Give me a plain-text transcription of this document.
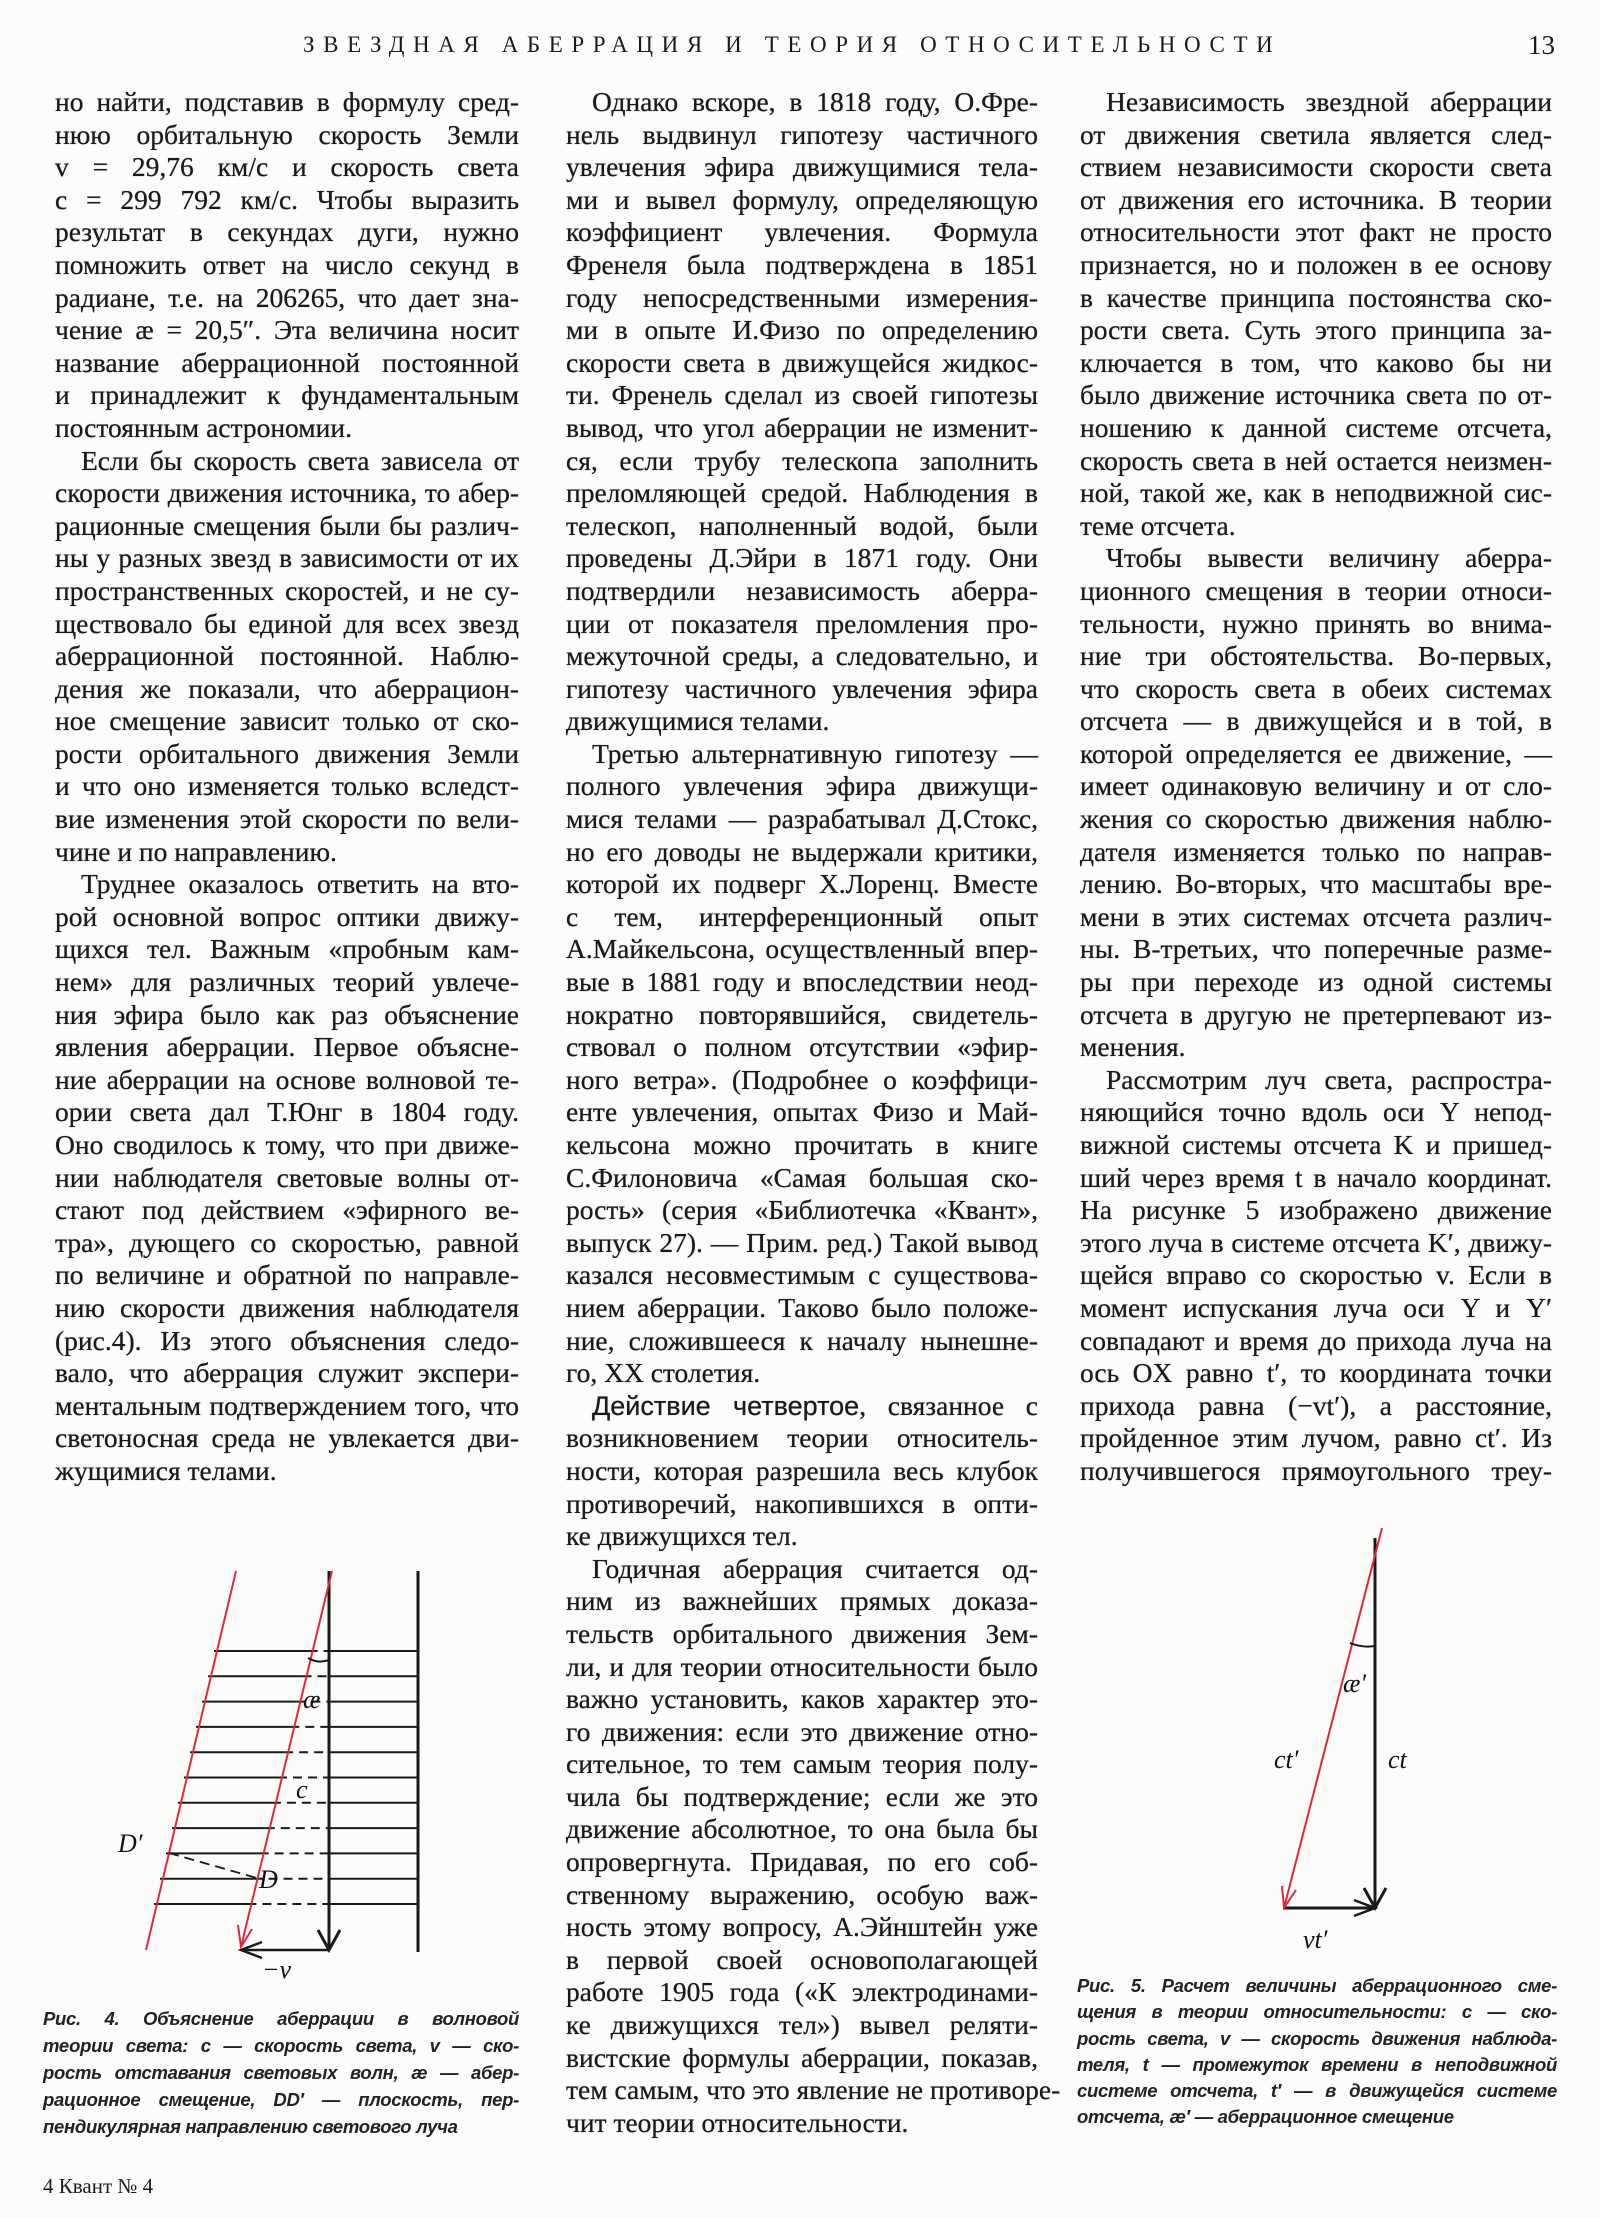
ЗВЕЗДНАЯ АБЕРРАЦИЯ И ТЕОРИЯ ОТНОСИТЕЛЬНОСТИ	13
но найти, подставив в формулу сред-
нюю орбитальную скорость Земли
v = 29,76 км/с и скорость света
c = 299 792 км/с. Чтобы выразить
результат в секундах дуги, нужно
помножить ответ на число секунд в
радиане, т.е. на 206265, что дает зна-
чение æ = 20,5″. Эта величина носит
название аберрационной постоянной
и принадлежит к фундаментальным
постоянным астрономии.
Если бы скорость света зависела от
скорости движения источника, то абер-
рационные смещения были бы различ-
ны у разных звезд в зависимости от их
пространственных скоростей, и не су-
ществовало бы единой для всех звезд
аберрационной постоянной. Наблю-
дения же показали, что аберрацион-
ное смещение зависит только от ско-
рости орбитального движения Земли
и что оно изменяется только вследст-
вие изменения этой скорости по вели-
чине и по направлению.
Труднее оказалось ответить на вто-
рой основной вопрос оптики движу-
щихся тел. Важным «пробным кам-
нем» для различных теорий увлече-
ния эфира было как раз объяснение
явления аберрации. Первое объясне-
ние аберрации на основе волновой те-
ории света дал Т.Юнг в 1804 году.
Оно сводилось к тому, что при движе-
нии наблюдателя световые волны от-
стают под действием «эфирного ве-
тра», дующего со скоростью, равной
по величине и обратной по направле-
нию скорости движения наблюдателя
(рис.4). Из этого объяснения следо-
вало, что аберрация служит экспери-
ментальным подтверждением того, что
светоносная среда не увлекается дви-
жущимися телами.
Однако вскоре, в 1818 году, О.Фре-
нель выдвинул гипотезу частичного
увлечения эфира движущимися тела-
ми и вывел формулу, определяющую
коэффициент увлечения. Формула
Френеля была подтверждена в 1851
году непосредственными измерения-
ми в опыте И.Физо по определению
скорости света в движущейся жидкос-
ти. Френель сделал из своей гипотезы
вывод, что угол аберрации не изменит-
ся, если трубу телескопа заполнить
преломляющей средой. Наблюдения в
телескоп, наполненный водой, были
проведены Д.Эйри в 1871 году. Они
подтвердили независимость аберра-
ции от показателя преломления про-
межуточной среды, а следовательно, и
гипотезу частичного увлечения эфира
движущимися телами.
Третью альтернативную гипотезу —
полного увлечения эфира движущи-
мися телами — разрабатывал Д.Стокс,
но его доводы не выдержали критики,
которой их подверг Х.Лоренц. Вместе
с тем, интерференционный опыт
А.Майкельсона, осуществленный впер-
вые в 1881 году и впоследствии неод-
нократно повторявшийся, свидетель-
ствовал о полном отсутствии «эфир-
ного ветра». (Подробнее о коэффици-
енте увлечения, опытах Физо и Май-
кельсона можно прочитать в книге
С.Филоновича «Самая большая ско-
рость» (серия «Библиотечка «Квант»,
выпуск 27). — Прим. ред.) Такой вывод
казался несовместимым с существова-
нием аберрации. Таково было положе-
ние, сложившееся к началу нынешне-
го, XX столетия.
Действие четвертое, связанное с
возникновением теории относитель-
ности, которая разрешила весь клубок
противоречий, накопившихся в опти-
ке движущихся тел.
Годичная аберрация считается од-
ним из важнейших прямых доказа-
тельств орбитального движения Зем-
ли, и для теории относительности было
важно установить, каков характер это-
го движения: если это движение отно-
сительное, то тем самым теория полу-
чила бы подтверждение; если же это
движение абсолютное, то она была бы
опровергнута. Придавая, по его соб-
ственному выражению, особую важ-
ность этому вопросу, А.Эйнштейн уже
в первой своей основополагающей
работе 1905 года («К электродинами-
ке движущихся тел») вывел реляти-
вистские формулы аберрации, показав,
тем самым, что это явление не противоре-
чит теории относительности.
Независимость звездной аберрации
от движения светила является след-
ствием независимости скорости света
от движения его источника. В теории
относительности этот факт не просто
признается, но и положен в ее основу
в качестве принципа постоянства ско-
рости света. Суть этого принципа за-
ключается в том, что каково бы ни
было движение источника света по от-
ношению к данной системе отсчета,
скорость света в ней остается неизмен-
ной, такой же, как в неподвижной сис-
теме отсчета.
Чтобы вывести величину аберра-
ционного смещения в теории относи-
тельности, нужно принять во внима-
ние три обстоятельства. Во-первых,
что скорость света в обеих системах
отсчета — в движущейся и в той, в
которой определяется ее движение, —
имеет одинаковую величину и от сло-
жения со скоростью движения наблю-
дателя изменяется только по направ-
лению. Во-вторых, что масштабы вре-
мени в этих системах отсчета различ-
ны. В-третьих, что поперечные разме-
ры при переходе из одной системы
отсчета в другую не претерпевают из-
менения.
Рассмотрим луч света, распростра-
няющийся точно вдоль оси Y непод-
вижной системы отсчета K и пришед-
ший через время t в начало координат.
На рисунке 5 изображено движение
этого луча в системе отсчета K′, движу-
щейся вправо со скоростью v. Если в
момент испускания луча оси Y и Y′
совпадают и время до прихода луча на
ось OX равно t′, то координата точки
прихода равна (−vt′), а расстояние,
пройденное этим лучом, равно ct′. Из
получившегося прямоугольного треу-
æ
c
D′
D
−v
Рис. 4. Объяснение аберрации в волновой
теории света: c — скорость света, v — ско-
рость отставания световых волн, æ — абер-
рационное смещение, DD′ — плоскость, пер-
пендикулярная направлению светового луча
æ′
ct′	ct
vt′
Рис. 5. Расчет величины аберрационного сме-
щения в теории относительности: c — ско-
рость света, v — скорость движения наблюда-
теля, t — промежуток времени в неподвижной
системе отсчета, t′ — в движущейся системе
отсчета, æ′ — аберрационное смещение
4 Квант № 4
